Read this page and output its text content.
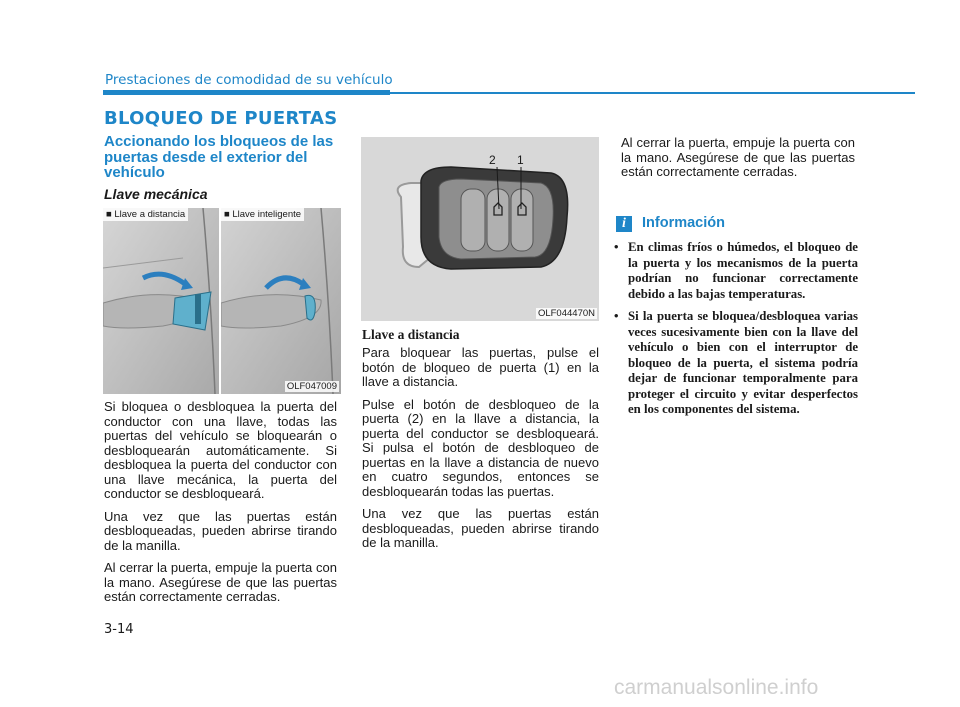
Prestaciones de comodidad de su vehículo
BLOQUEO DE PUERTAS
Accionando los bloqueos de las puertas desde el exterior del vehículo
Llave mecánica
■ Llave a distancia	■ Llave inteligente
OLF047009

Si bloquea o desbloquea la puerta del conductor con una llave, todas las puertas del vehículo se bloquearán o desbloquearán automáticamente. Si desbloquea la puerta del conductor con una llave mecánica, la puerta del conductor se desbloqueará.

Una vez que las puertas están desbloqueadas, pueden abrirse tirando de la manilla.

Al cerrar la puerta, empuje la puerta con la mano. Asegúrese de que las puertas están correctamente cerradas.

2 1
OLF044470N
Llave a distancia

Para bloquear las puertas, pulse el botón de bloqueo de puerta (1) en la llave a distancia.

Pulse el botón de desbloqueo de la puerta (2) en la llave a distancia, la puerta del conductor se desbloqueará. Si pulsa el botón de desbloqueo de puertas en la llave a distancia de nuevo en cuatro segundos, entonces se desbloquearán todas las puertas.

Una vez que las puertas están desbloqueadas, pueden abrirse tirando de la manilla.

Al cerrar la puerta, empuje la puerta con la mano. Asegúrese de que las puertas están correctamente cerradas.

i	Información
• En climas fríos o húmedos, el bloqueo de la puerta y los mecanismos de la puerta podrían no funcionar correctamente debido a las bajas temperaturas.
• Si la puerta se bloquea/desbloquea varias veces sucesivamente bien con la llave del vehículo o bien con el interruptor de bloqueo de la puerta, el sistema podría dejar de funcionar temporalmente para proteger el circuito y evitar desperfectos en los componentes del sistema.
3-14
carmanualsonline.info
